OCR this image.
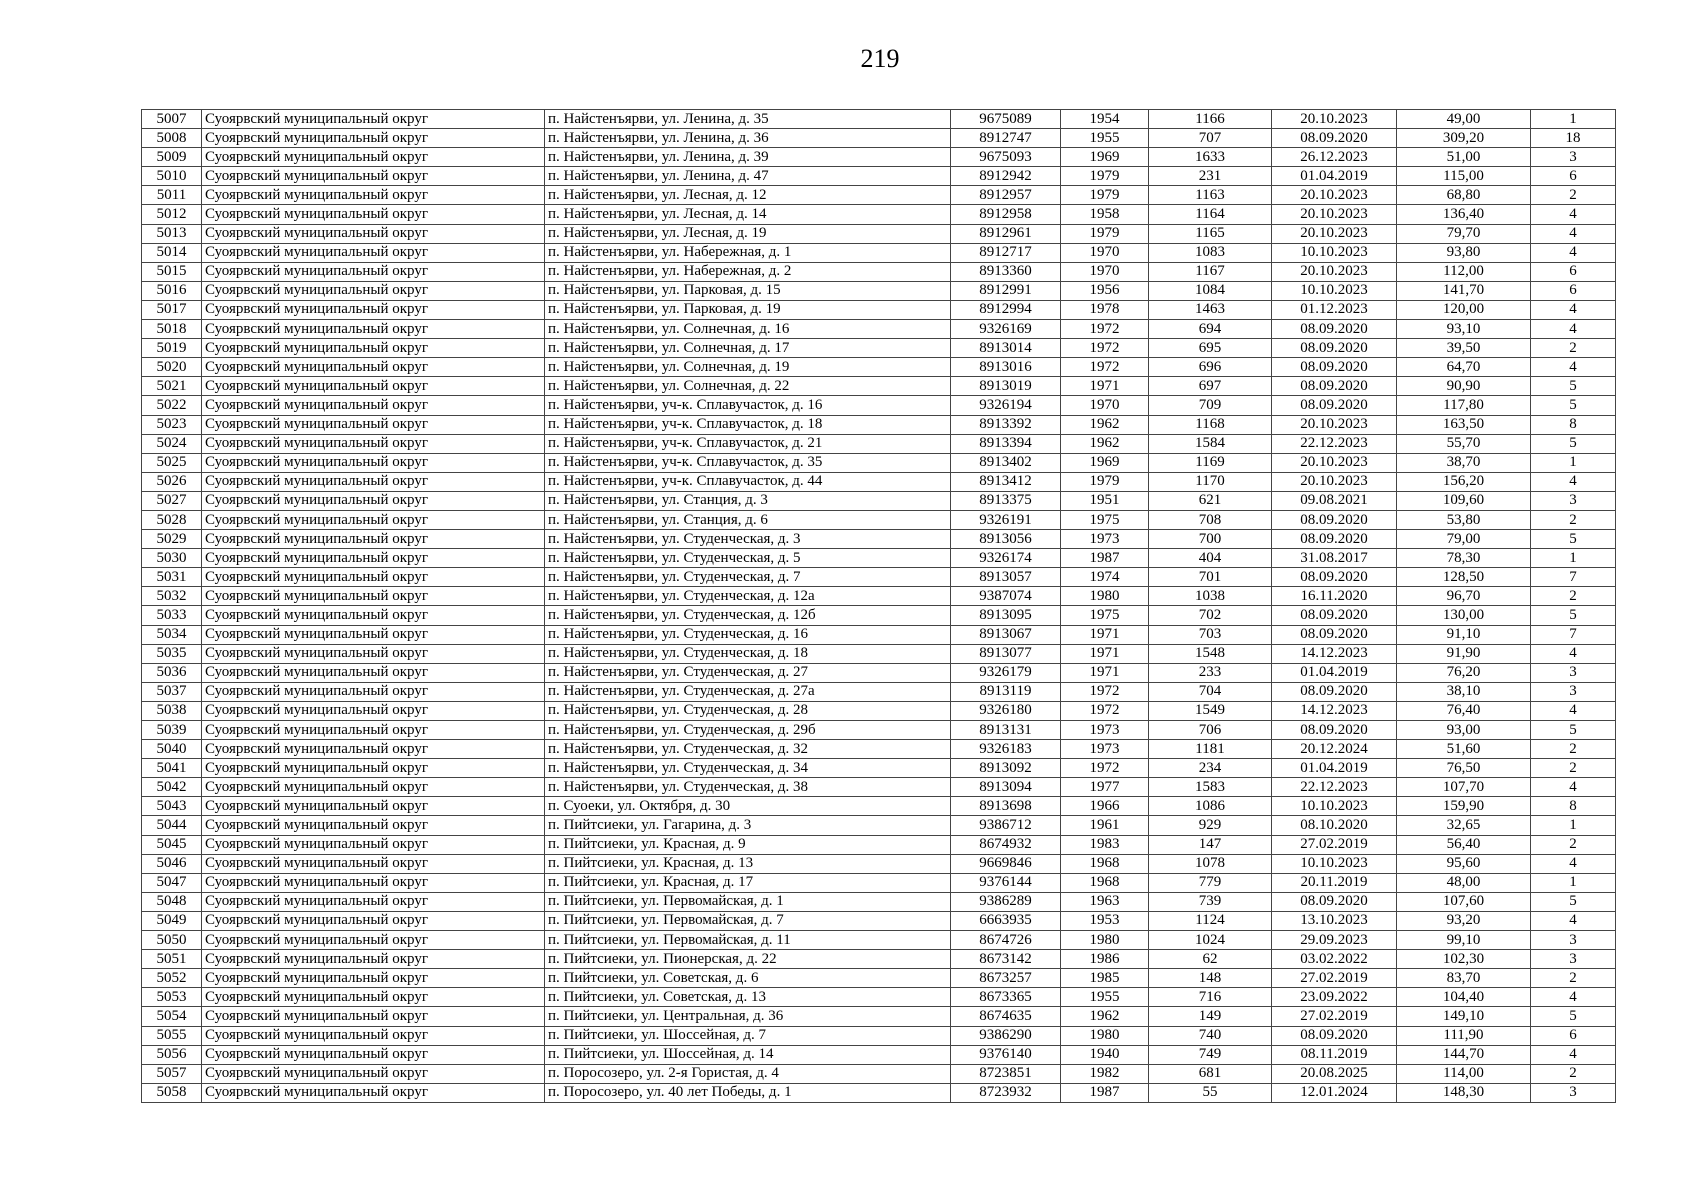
219
5007	Суоярвский муниципальный округ	п. Найстенъярви, ул. Ленина, д. 35	9675089	1954	1166	20.10.2023	49,00	1
5008	Суоярвский муниципальный округ	п. Найстенъярви, ул. Ленина, д. 36	8912747	1955	707	08.09.2020	309,20	18
5009	Суоярвский муниципальный округ	п. Найстенъярви, ул. Ленина, д. 39	9675093	1969	1633	26.12.2023	51,00	3
5010	Суоярвский муниципальный округ	п. Найстенъярви, ул. Ленина, д. 47	8912942	1979	231	01.04.2019	115,00	6
5011	Суоярвский муниципальный округ	п. Найстенъярви, ул. Лесная, д. 12	8912957	1979	1163	20.10.2023	68,80	2
5012	Суоярвский муниципальный округ	п. Найстенъярви, ул. Лесная, д. 14	8912958	1958	1164	20.10.2023	136,40	4
5013	Суоярвский муниципальный округ	п. Найстенъярви, ул. Лесная, д. 19	8912961	1979	1165	20.10.2023	79,70	4
5014	Суоярвский муниципальный округ	п. Найстенъярви, ул. Набережная, д. 1	8912717	1970	1083	10.10.2023	93,80	4
5015	Суоярвский муниципальный округ	п. Найстенъярви, ул. Набережная, д. 2	8913360	1970	1167	20.10.2023	112,00	6
5016	Суоярвский муниципальный округ	п. Найстенъярви, ул. Парковая, д. 15	8912991	1956	1084	10.10.2023	141,70	6
5017	Суоярвский муниципальный округ	п. Найстенъярви, ул. Парковая, д. 19	8912994	1978	1463	01.12.2023	120,00	4
5018	Суоярвский муниципальный округ	п. Найстенъярви, ул. Солнечная, д. 16	9326169	1972	694	08.09.2020	93,10	4
5019	Суоярвский муниципальный округ	п. Найстенъярви, ул. Солнечная, д. 17	8913014	1972	695	08.09.2020	39,50	2
5020	Суоярвский муниципальный округ	п. Найстенъярви, ул. Солнечная, д. 19	8913016	1972	696	08.09.2020	64,70	4
5021	Суоярвский муниципальный округ	п. Найстенъярви, ул. Солнечная, д. 22	8913019	1971	697	08.09.2020	90,90	5
5022	Суоярвский муниципальный округ	п. Найстенъярви, уч-к. Сплавучасток, д. 16	9326194	1970	709	08.09.2020	117,80	5
5023	Суоярвский муниципальный округ	п. Найстенъярви, уч-к. Сплавучасток, д. 18	8913392	1962	1168	20.10.2023	163,50	8
5024	Суоярвский муниципальный округ	п. Найстенъярви, уч-к. Сплавучасток, д. 21	8913394	1962	1584	22.12.2023	55,70	5
5025	Суоярвский муниципальный округ	п. Найстенъярви, уч-к. Сплавучасток, д. 35	8913402	1969	1169	20.10.2023	38,70	1
5026	Суоярвский муниципальный округ	п. Найстенъярви, уч-к. Сплавучасток, д. 44	8913412	1979	1170	20.10.2023	156,20	4
5027	Суоярвский муниципальный округ	п. Найстенъярви, ул. Станция, д. 3	8913375	1951	621	09.08.2021	109,60	3
5028	Суоярвский муниципальный округ	п. Найстенъярви, ул. Станция, д. 6	9326191	1975	708	08.09.2020	53,80	2
5029	Суоярвский муниципальный округ	п. Найстенъярви, ул. Студенческая, д. 3	8913056	1973	700	08.09.2020	79,00	5
5030	Суоярвский муниципальный округ	п. Найстенъярви, ул. Студенческая, д. 5	9326174	1987	404	31.08.2017	78,30	1
5031	Суоярвский муниципальный округ	п. Найстенъярви, ул. Студенческая, д. 7	8913057	1974	701	08.09.2020	128,50	7
5032	Суоярвский муниципальный округ	п. Найстенъярви, ул. Студенческая, д. 12а	9387074	1980	1038	16.11.2020	96,70	2
5033	Суоярвский муниципальный округ	п. Найстенъярви, ул. Студенческая, д. 12б	8913095	1975	702	08.09.2020	130,00	5
5034	Суоярвский муниципальный округ	п. Найстенъярви, ул. Студенческая, д. 16	8913067	1971	703	08.09.2020	91,10	7
5035	Суоярвский муниципальный округ	п. Найстенъярви, ул. Студенческая, д. 18	8913077	1971	1548	14.12.2023	91,90	4
5036	Суоярвский муниципальный округ	п. Найстенъярви, ул. Студенческая, д. 27	9326179	1971	233	01.04.2019	76,20	3
5037	Суоярвский муниципальный округ	п. Найстенъярви, ул. Студенческая, д. 27а	8913119	1972	704	08.09.2020	38,10	3
5038	Суоярвский муниципальный округ	п. Найстенъярви, ул. Студенческая, д. 28	9326180	1972	1549	14.12.2023	76,40	4
5039	Суоярвский муниципальный округ	п. Найстенъярви, ул. Студенческая, д. 29б	8913131	1973	706	08.09.2020	93,00	5
5040	Суоярвский муниципальный округ	п. Найстенъярви, ул. Студенческая, д. 32	9326183	1973	1181	20.12.2024	51,60	2
5041	Суоярвский муниципальный округ	п. Найстенъярви, ул. Студенческая, д. 34	8913092	1972	234	01.04.2019	76,50	2
5042	Суоярвский муниципальный округ	п. Найстенъярви, ул. Студенческая, д. 38	8913094	1977	1583	22.12.2023	107,70	4
5043	Суоярвский муниципальный округ	п. Суоеки, ул. Октября, д. 30	8913698	1966	1086	10.10.2023	159,90	8
5044	Суоярвский муниципальный округ	п. Пийтсиеки, ул. Гагарина, д. 3	9386712	1961	929	08.10.2020	32,65	1
5045	Суоярвский муниципальный округ	п. Пийтсиеки, ул. Красная, д. 9	8674932	1983	147	27.02.2019	56,40	2
5046	Суоярвский муниципальный округ	п. Пийтсиеки, ул. Красная, д. 13	9669846	1968	1078	10.10.2023	95,60	4
5047	Суоярвский муниципальный округ	п. Пийтсиеки, ул. Красная, д. 17	9376144	1968	779	20.11.2019	48,00	1
5048	Суоярвский муниципальный округ	п. Пийтсиеки, ул. Первомайская, д. 1	9386289	1963	739	08.09.2020	107,60	5
5049	Суоярвский муниципальный округ	п. Пийтсиеки, ул. Первомайская, д. 7	6663935	1953	1124	13.10.2023	93,20	4
5050	Суоярвский муниципальный округ	п. Пийтсиеки, ул. Первомайская, д. 11	8674726	1980	1024	29.09.2023	99,10	3
5051	Суоярвский муниципальный округ	п. Пийтсиеки, ул. Пионерская, д. 22	8673142	1986	62	03.02.2022	102,30	3
5052	Суоярвский муниципальный округ	п. Пийтсиеки, ул. Советская, д. 6	8673257	1985	148	27.02.2019	83,70	2
5053	Суоярвский муниципальный округ	п. Пийтсиеки, ул. Советская, д. 13	8673365	1955	716	23.09.2022	104,40	4
5054	Суоярвский муниципальный округ	п. Пийтсиеки, ул. Центральная, д. 36	8674635	1962	149	27.02.2019	149,10	5
5055	Суоярвский муниципальный округ	п. Пийтсиеки, ул. Шоссейная, д. 7	9386290	1980	740	08.09.2020	111,90	6
5056	Суоярвский муниципальный округ	п. Пийтсиеки, ул. Шоссейная, д. 14	9376140	1940	749	08.11.2019	144,70	4
5057	Суоярвский муниципальный округ	п. Поросозеро, ул. 2-я Гористая, д. 4	8723851	1982	681	20.08.2025	114,00	2
5058	Суоярвский муниципальный округ	п. Поросозеро, ул. 40 лет Победы, д. 1	8723932	1987	55	12.01.2024	148,30	3
